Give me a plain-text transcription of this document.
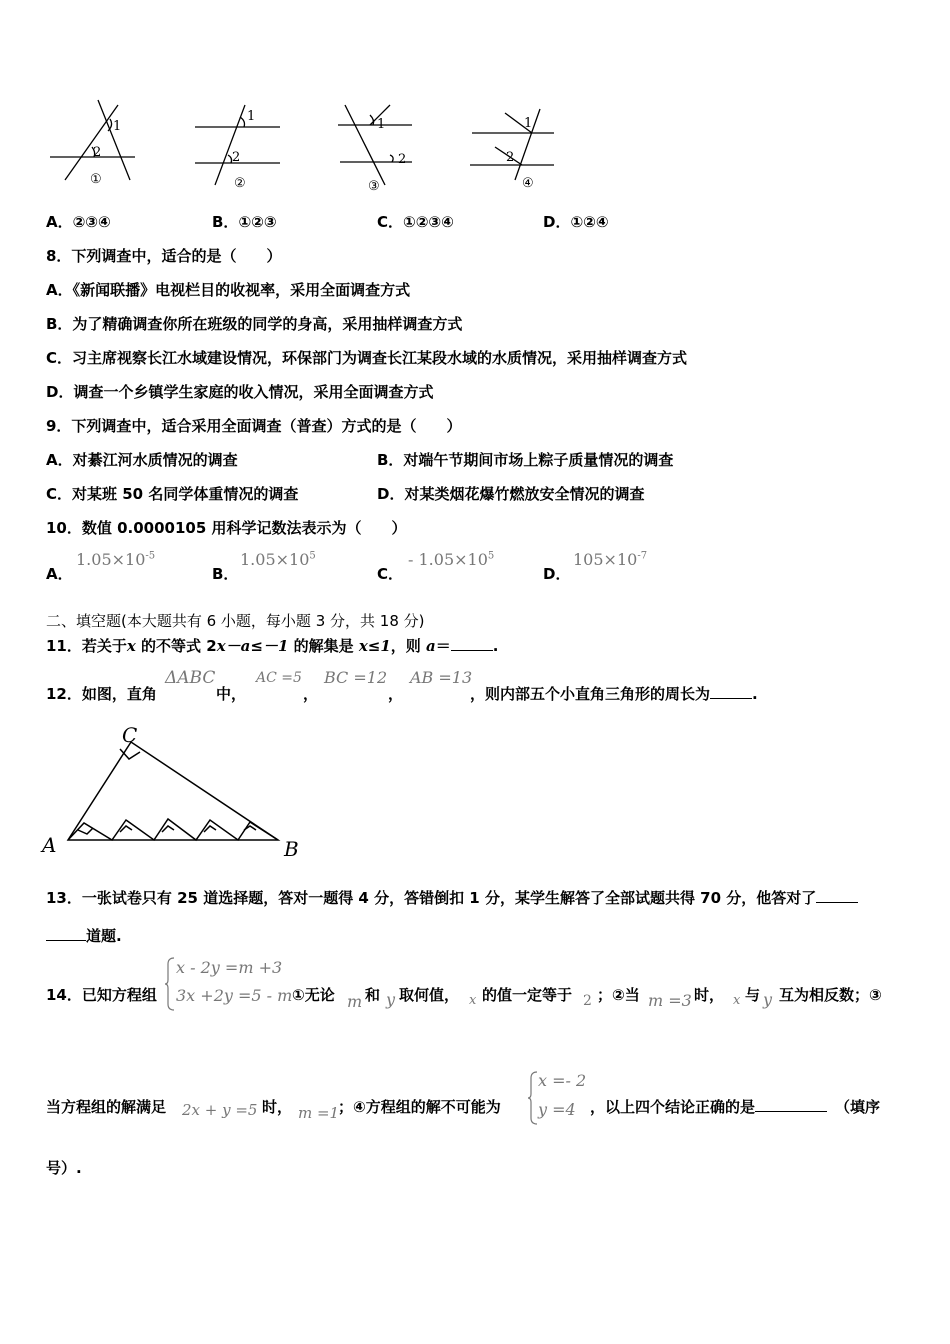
1
2
①
1
2
②
1
2
③
1
2
④
A．②③④	B．①②③	C．①②③④	D．①②④
8．下列调查中，适合的是（　　）
A．《新闻联播》电视栏目的收视率，采用全面调查方式
B．为了精确调查你所在班级的同学的身高，采用抽样调查方式
C．习主席视察长江水域建设情况，环保部门为调查长江某段水域的水质情况，采用抽样调查方式
D．调查一个乡镇学生家庭的收入情况，采用全面调查方式
9．下列调查中，适合采用全面调查（普查）方式的是（　　）
A．对綦江河水质情况的调查	B．对端午节期间市场上粽子质量情况的调查
C．对某班 50 名同学体重情况的调查	D．对某类烟花爆竹燃放安全情况的调查
10．数值 0.0000105 用科学记数法表示为（　　）
A．
$1.05\times 10^{-5}$
B．
$1.05\times 10^5$
C．
- $1.05\times 10^5$
D．
$105\times 10^{-7}$
二、填空题(本大题共有 6 小题，每小题 3 分，共 18 分)
11．若关于x 的不等式 2x－a≤－1 的解集是 x≤1，则 a＝	.
12．如图，直角
ΔABC
中，
AC =5
，
BC =12
，
AB =13
，则内部五个小直角三角形的周长为	.
A	B
C
13．一张试卷只有 25 道选择题，答对一题得 4 分，答错倒扣 1 分，某学生解答了全部试题共得 70 分，他答对了
道题.
14．已知方程组
x - 2y =m +3
3x +2y =5 - m ①无论 m 和 y 取何值， x 的值一定等于 2 ；②当 m =3 时， x 与 y 互为相反数；③
当方程组的解满足 2x + y =5 时， m =1
；④方程组的解不可能为
x =- 2
y =4 ，以上四个结论正确的是	（填序
号）.
